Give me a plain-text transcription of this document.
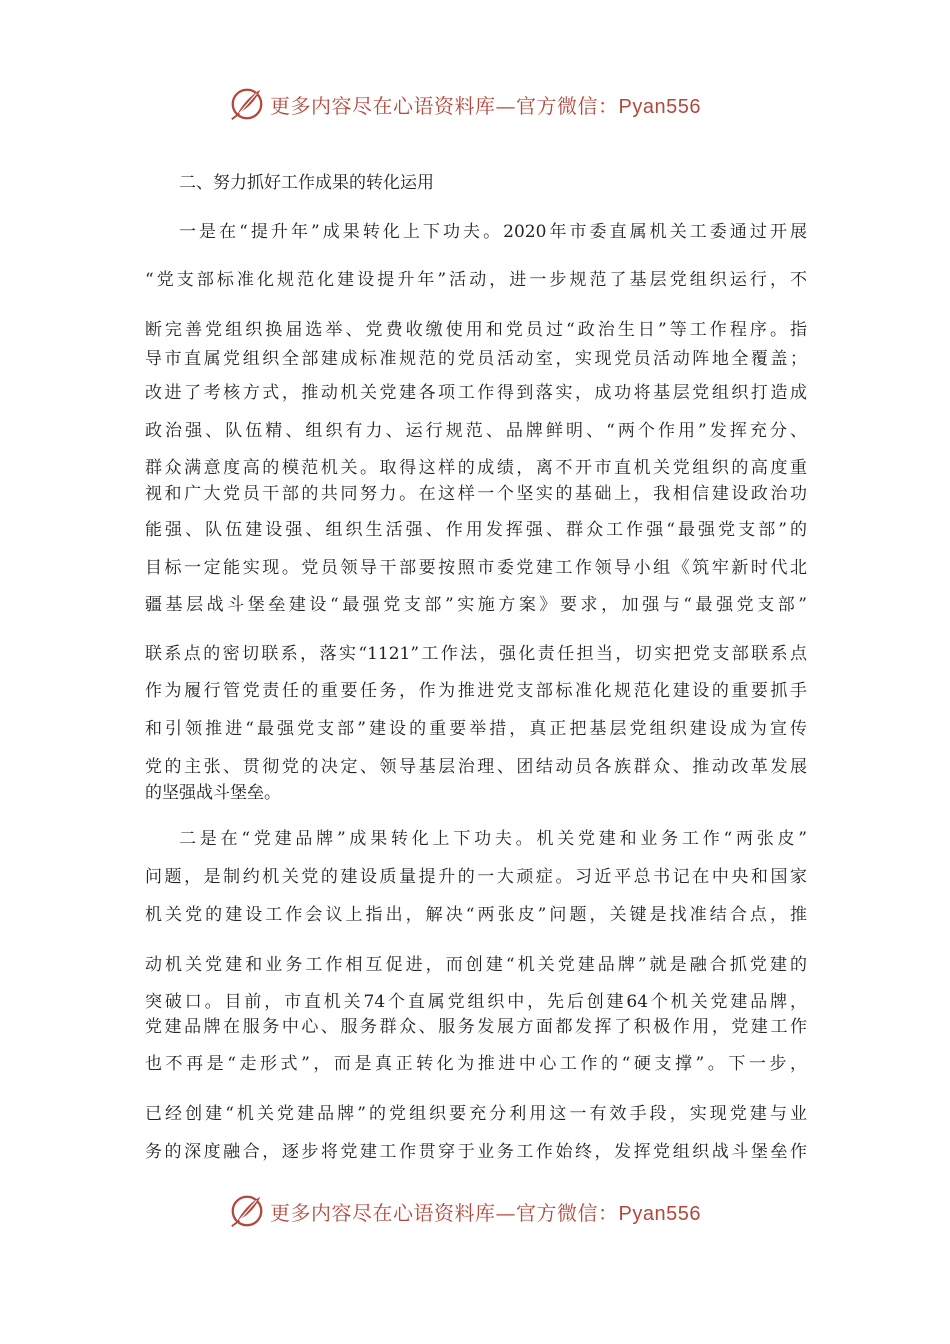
更多内容尽在心语资料库—官方微信：Pyan556
二、努力抓好工作成果的转化运用
一是在“提升年”成果转化上下功夫。2020年市委直属机关工委通过开展
“党支部标准化规范化建设提升年”活动，进一步规范了基层党组织运行，不
断完善党组织换届选举、党费收缴使用和党员过“政治生日”等工作程序。指
导市直属党组织全部建成标准规范的党员活动室，实现党员活动阵地全覆盖；
改进了考核方式，推动机关党建各项工作得到落实，成功将基层党组织打造成
政治强、队伍精、组织有力、运行规范、品牌鲜明、“两个作用”发挥充分、
群众满意度高的模范机关。取得这样的成绩，离不开市直机关党组织的高度重
视和广大党员干部的共同努力。在这样一个坚实的基础上，我相信建设政治功
能强、队伍建设强、组织生活强、作用发挥强、群众工作强“最强党支部”的
目标一定能实现。党员领导干部要按照市委党建工作领导小组《筑牢新时代北
疆基层战斗堡垒建设“最强党支部”实施方案》要求，加强与“最强党支部”
联系点的密切联系，落实“1121”工作法，强化责任担当，切实把党支部联系点
作为履行管党责任的重要任务，作为推进党支部标准化规范化建设的重要抓手
和引领推进“最强党支部”建设的重要举措，真正把基层党组织建设成为宣传
党的主张、贯彻党的决定、领导基层治理、团结动员各族群众、推动改革发展
的坚强战斗堡垒。
二是在“党建品牌”成果转化上下功夫。机关党建和业务工作“两张皮”
问题，是制约机关党的建设质量提升的一大顽症。习近平总书记在中央和国家
机关党的建设工作会议上指出，解决“两张皮”问题，关键是找准结合点，推
动机关党建和业务工作相互促进，而创建“机关党建品牌”就是融合抓党建的
突破口。目前，市直机关74个直属党组织中，先后创建64个机关党建品牌，
党建品牌在服务中心、服务群众、服务发展方面都发挥了积极作用，党建工作
也不再是“走形式”，而是真正转化为推进中心工作的“硬支撑”。下一步，
已经创建“机关党建品牌”的党组织要充分利用这一有效手段，实现党建与业
务的深度融合，逐步将党建工作贯穿于业务工作始终，发挥党组织战斗堡垒作
更多内容尽在心语资料库—官方微信：Pyan556
